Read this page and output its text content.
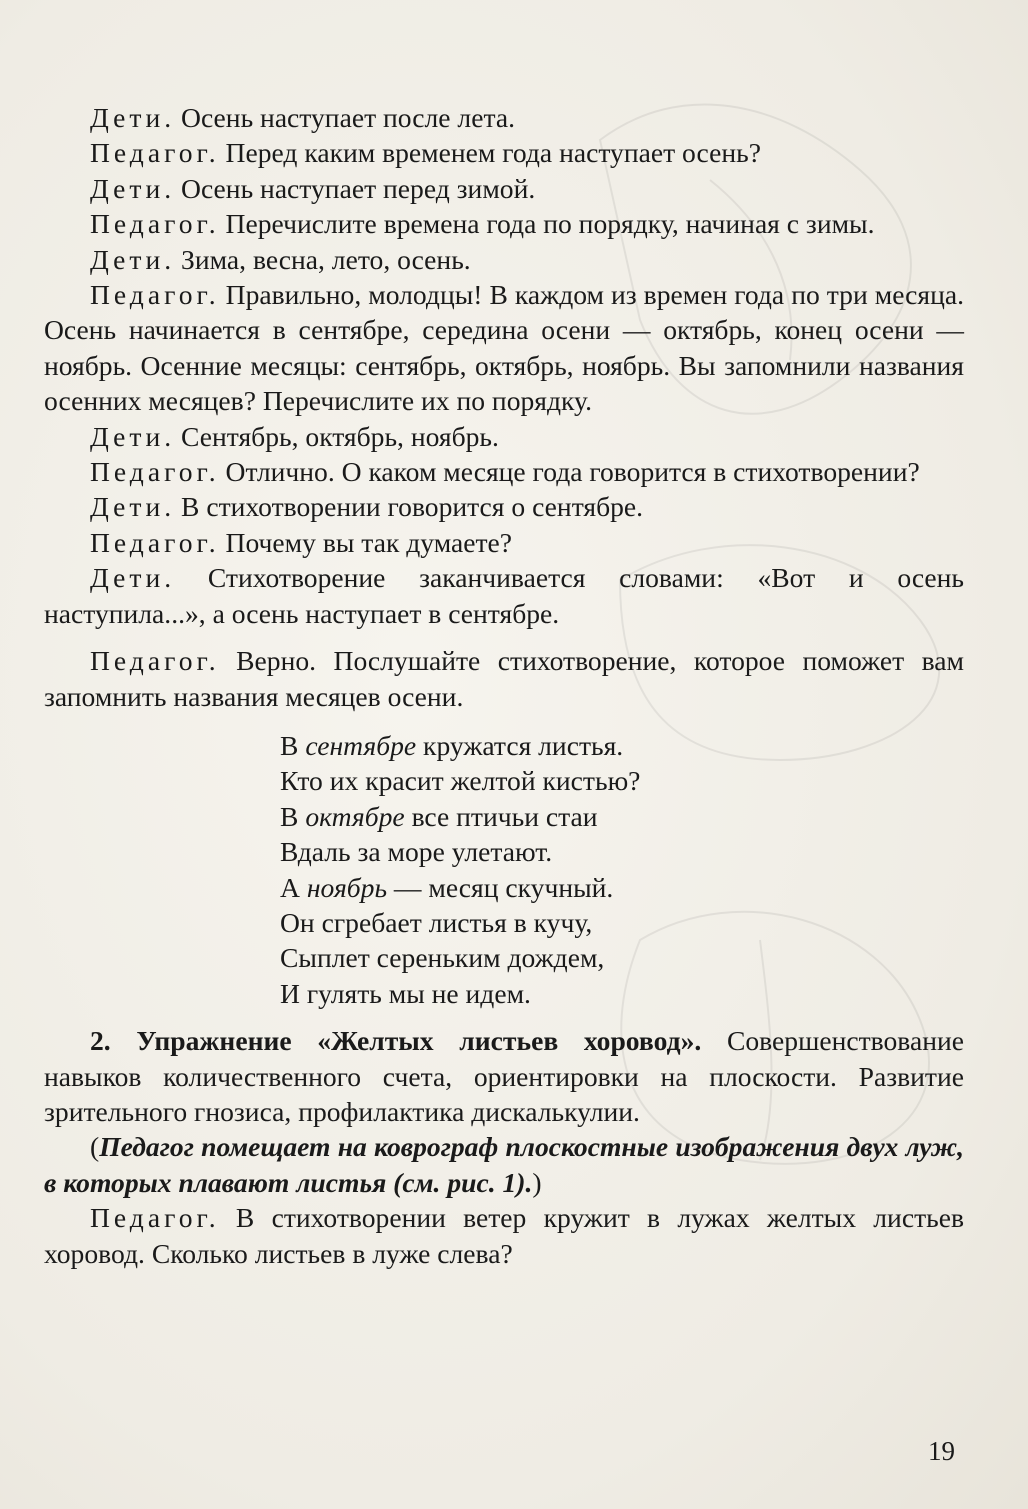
Дети. Осень наступает после лета.

Педагог. Перед каким временем года наступает осень?

Дети. Осень наступает перед зимой.

Педагог. Перечислите времена года по порядку, начиная с зимы.

Дети. Зима, весна, лето, осень.

Педагог. Правильно, молодцы! В каждом из времен года по три месяца. Осень начинается в сентябре, середина осени — октябрь, конец осени — ноябрь. Осенние месяцы: сентябрь, октябрь, ноябрь. Вы запомнили названия осенних месяцев? Перечислите их по порядку.

Дети. Сентябрь, октябрь, ноябрь.

Педагог. Отлично. О каком месяце года говорится в стихотворении?

Дети. В стихотворении говорится о сентябре.

Педагог. Почему вы так думаете?

Дети. Стихотворение заканчивается словами: «Вот и осень наступила...», а осень наступает в сентябре.

Педагог. Верно. Послушайте стихотворение, которое поможет вам запомнить названия месяцев осени.

В сентябре кружатся листья.
Кто их красит желтой кистью?
В октябре все птичьи стаи
Вдаль за море улетают.
А ноябрь — месяц скучный.
Он сгребает листья в кучу,
Сыплет сереньким дождем,
И гулять мы не идем.

2. Упражнение «Желтых листьев хоровод». Совершенствование навыков количественного счета, ориентировки на плоскости. Развитие зрительного гнозиса, профилактика дискалькулии.

(Педагог помещает на коврограф плоскостные изображения двух луж, в которых плавают листья (см. рис. 1).)

Педагог. В стихотворении ветер кружит в лужах желтых листьев хоровод. Сколько листьев в луже слева?

19
